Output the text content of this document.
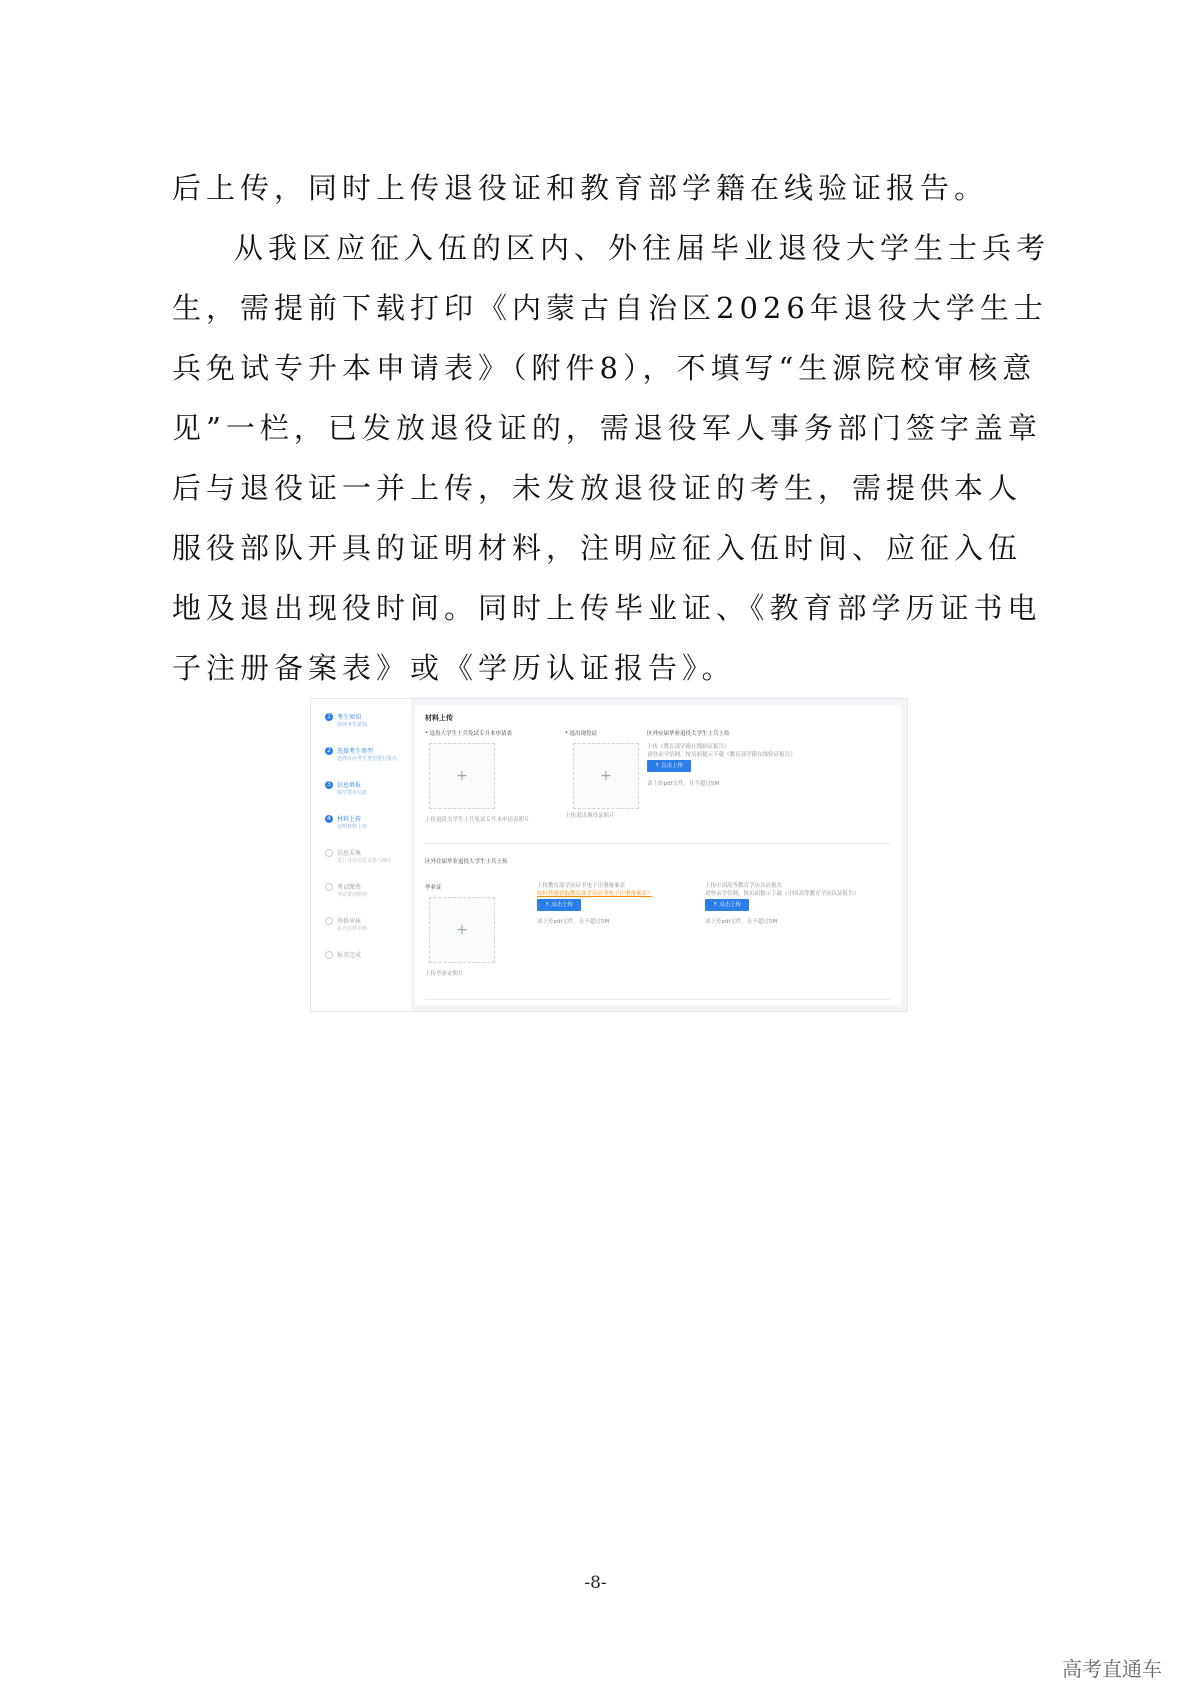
后上传，同时上传退役证和教育部学籍在线验证报告。

从我区应征入伍的区内、外往届毕业退役大学生士兵考生，需提前下载打印《内蒙古自治区2026年退役大学生士兵免试专升本申请表》（附件8），不填写“生源院校审核意见”一栏，已发放退役证的，需退役军人事务部门签字盖章后与退役证一并上传，未发放退役证的考生，需提供本人服役部队开具的证明材料，注明应征入伍时间、应征入伍地及退出现役时间。同时上传毕业证、《教育部学历证书电子注册备案表》或《学历认证报告》。

1	考生须知
阅读考生须知
2	选择考生类型
选择对应考生类型进行报名
3	信息填报
填写基本信息
4	材料上传
证明材料上传
信息采集
进行身份信息采集与确认
考试缴费
考试费用缴纳
资格审核
报名资格审核
报名完成
材料上传
* 退役大学生士兵免试专升本申请表
+
上传退役大学生士兵免试专升本申请表照片
* 退出现役证
+
上传退出现役证照片
区外应届毕业退役大学生士兵上传
上传《教育部学籍在线验证报告》
请登录学信网，按页面提示下载《教育部学籍在线验证报告》
↑ 点击上传
请上传pdf文件，且不超过5M
区外往届毕业退役大学生士兵上传
毕业证
+
上传毕业证照片
上传教育部学历证书电子注册备案表
如何快速获取教育部学历证书电子注册备案表？
↑ 点击上传
请上传pdf文件，且不超过5M
上传中国高等教育学历认证报告
请登录学信网，按页面提示下载《中国高等教育学历认证报告》
↑ 点击上传
请上传pdf文件，且不超过5M
-8-
高考直通车
